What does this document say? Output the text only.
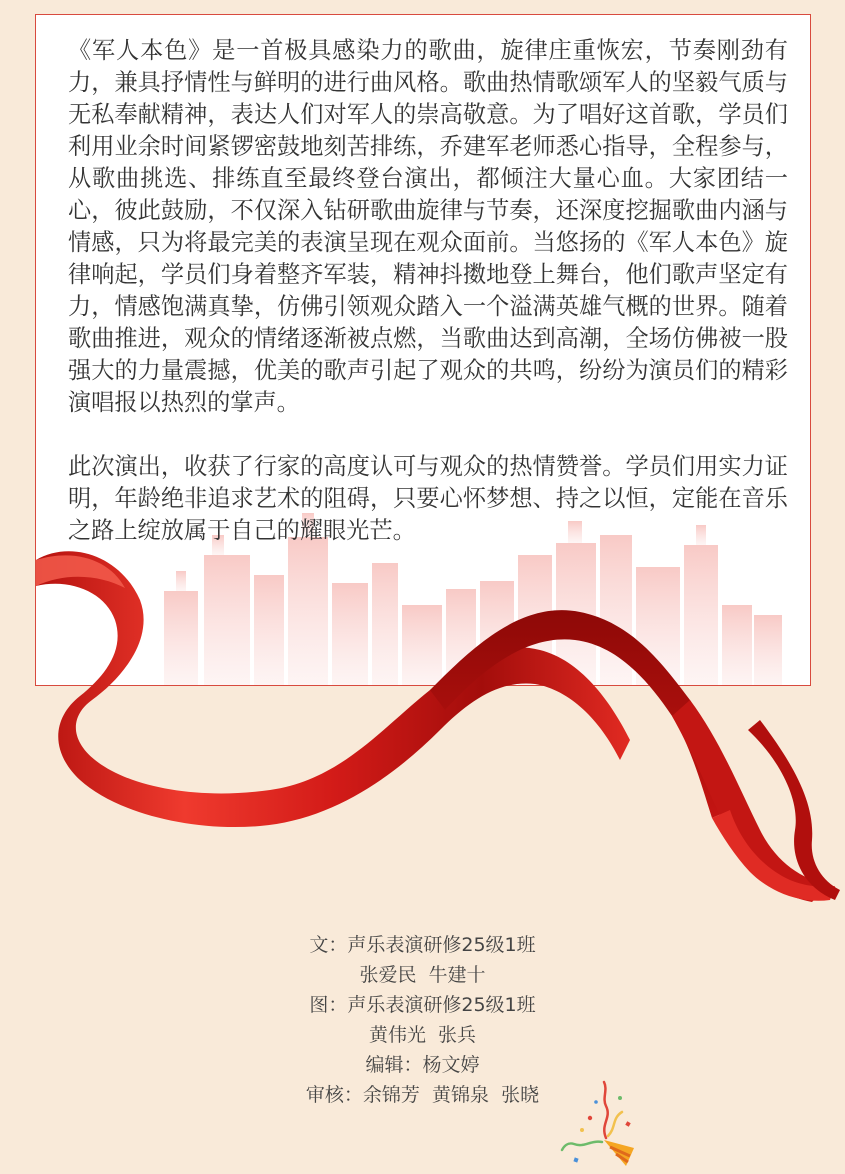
《军人本色》是一首极具感染力的歌曲，旋律庄重恢宏，节奏刚劲有力，兼具抒情性与鲜明的进行曲风格。歌曲热情歌颂军人的坚毅气质与无私奉献精神，表达人们对军人的崇高敬意。为了唱好这首歌，学员们利用业余时间紧锣密鼓地刻苦排练，乔建军老师悉心指导，全程参与，从歌曲挑选、排练直至最终登台演出，都倾注大量心血。大家团结一心，彼此鼓励，不仅深入钻研歌曲旋律与节奏，还深度挖掘歌曲内涵与情感，只为将最完美的表演呈现在观众面前。当悠扬的《军人本色》旋律响起，学员们身着整齐军装，精神抖擞地登上舞台，他们歌声坚定有力，情感饱满真挚，仿佛引领观众踏入一个溢满英雄气概的世界。随着歌曲推进，观众的情绪逐渐被点燃，当歌曲达到高潮，全场仿佛被一股强大的力量震撼，优美的歌声引起了观众的共鸣，纷纷为演员们的精彩演唱报以热烈的掌声。

此次演出，收获了行家的高度认可与观众的热情赞誉。学员们用实力证明，年龄绝非追求艺术的阻碍，只要心怀梦想、持之以恒，定能在音乐之路上绽放属于自己的耀眼光芒。

文：声乐表演研修25级1班
张爱民  牛建十
图：声乐表演研修25级1班
黄伟光  张兵
编辑：杨文婷
审核：余锦芳  黄锦泉  张晓
